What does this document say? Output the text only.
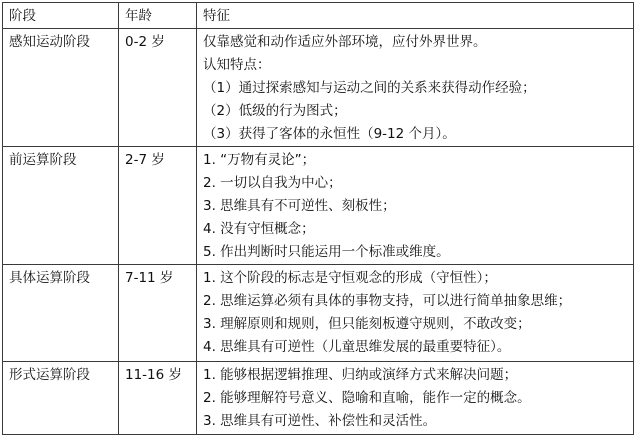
阶段	年龄	特征

感知运动阶段	0-2 岁	仅靠感觉和动作适应外部环境，应付外界世界。
认知特点：
（1）通过探索感知与运动之间的关系来获得动作经验；
（2）低级的行为图式；
（3）获得了客体的永恒性（9-12 个月）。

前运算阶段	2-7 岁	1. “万物有灵论”；
2. 一切以自我为中心；
3. 思维具有不可逆性、刻板性；
4. 没有守恒概念；
5. 作出判断时只能运用一个标准或维度。

具体运算阶段	7-11 岁	1. 这个阶段的标志是守恒观念的形成（守恒性）；
2. 思维运算必须有具体的事物支持，可以进行简单抽象思维；
3. 理解原则和规则，但只能刻板遵守规则，不敢改变；
4. 思维具有可逆性（儿童思维发展的最重要特征）。

形式运算阶段	11-16 岁	1. 能够根据逻辑推理、归纳或演绎方式来解决问题；
2. 能够理解符号意义、隐喻和直喻，能作一定的概念。
3. 思维具有可逆性、补偿性和灵活性。
